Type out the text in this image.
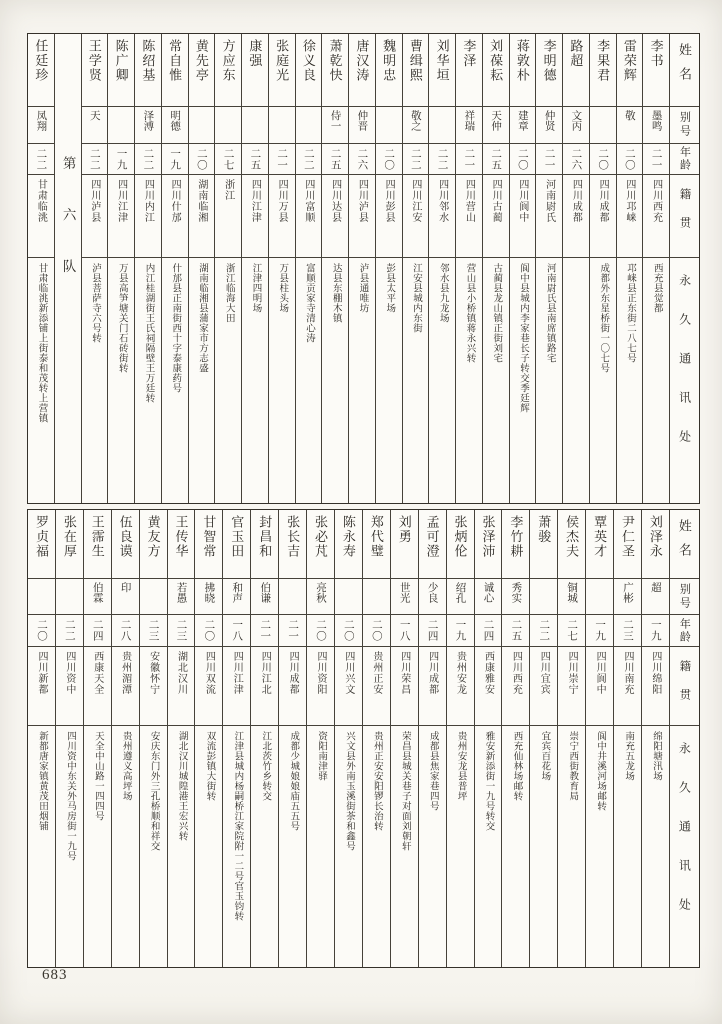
任廷珍
凤翔
二二
甘肃临洮
甘肃临洮新添铺上街泰和茂转上营镇
第六队
王学贤
天
二二
四川泸县
泸县菩萨寺六号转
陈广卿
一九
四川江津
万县高笋塘关门石砖街转
陈绍基
泽溥
二二
四川内江
内江桂湖街王氏祠隔壁王万廷转
常自惟
明德
一九
四川什邡
什邡县正南街西十字泰康药号
黄先亭
二〇
湖南临湘
湖南临湘县蒲家市方志盛
方应东
二七
浙江
浙江临海大田
康强
二五
四川江津
江津四明场
张庭光
二一
四川万县
万县柱头场
徐义良
二二
四川富顺
富顺贡家寺清心涛
萧乾快
侍一
二五
四川达县
达县东棚木镇
唐汉涛
仲晋
二六
四川泸县
泸县通唯坊
魏明忠
二〇
四川彭县
彭县太平场
曹缉熙
敬之
二二
四川江安
江安县城内东街
刘华垣
二二
四川邻水
邻水县九龙场
李泽
祥瑞
二一
四川营山
营山县小桥镇蒋永兴转
刘葆耘
天仲
二五
四川古蔺
古蔺县龙山镇正街刘宅
蒋敦朴
建章
二〇
四川阆中
阆中县城内李家巷长子转交季廷辉
李明德
仲贤
二一
河南尉氏
河南尉氏县南席镇路宅
路超
文丙
二六
四川成都
李果君
二〇
四川成都
成都外东星桥街一〇七号
雷荣辉
敬
二〇
四川邛崃
邛崃县正东街二八七号
李书
墨鸣
二一
四川西充
西充县觉都
姓名
别号
年龄
籍贯
永久通讯处
罗贞福
二〇
四川新都
新都唐家镇黄茂田烟铺
张在厚
二二
四川资中
四川资中东关外马房街一九号
王霈生
伯霖
二四
西康天全
天全中山路一四四号
伍良谟
印
二八
贵州湄潭
贵州遵义高坪场
黄友方
二三
安徽怀宁
安庆东门外三孔桥顺和祥交
王传华
若愚
二三
湖北汉川
湖北汉川城隍港王宏兴转
甘智常
拂晓
二〇
四川双流
双流彭镇大街转
官玉田
和声
一八
四川江津
江津县城内杨嗣桥江家院附一二号官玉钧转
封昌和
伯谦
二一
四川江北
江北茨竹乡转交
张长吉
二一
四川成都
成都少城娘娘庙五五号
张必芃
亮秋
二〇
四川资阳
资阳南津驿
陈永寿
二〇
四川兴文
兴文县外南玉溪街荼和鑫号
郑代璧
二〇
贵州正安
贵州正安安阳锣长治转
刘勇
世光
一八
四川荣昌
荣昌县城关巷子对面刘朝轩
孟可澄
少良
二四
四川成都
成都县焦家巷四号
张炳伦
绍孔
一九
贵州安龙
贵州安龙县普坪
张泽沛
诚心
二四
西康雅安
雅安新添街一九号转交
李竹耕
秀实
二五
四川西充
西充仙林场邮转
萧骏
二二
四川宜宾
宜宾百花场
侯杰夫
铜城
二七
四川崇宁
崇宁西街教育局
覃英才
一九
四川阆中
阆中井溪河场邮转
尹仁圣
广彬
二三
四川南充
南充五龙场
刘泽永
超
一九
四川绵阳
绵阳塘汛场
姓名
别号
年龄
籍贯
永久通讯处
683
